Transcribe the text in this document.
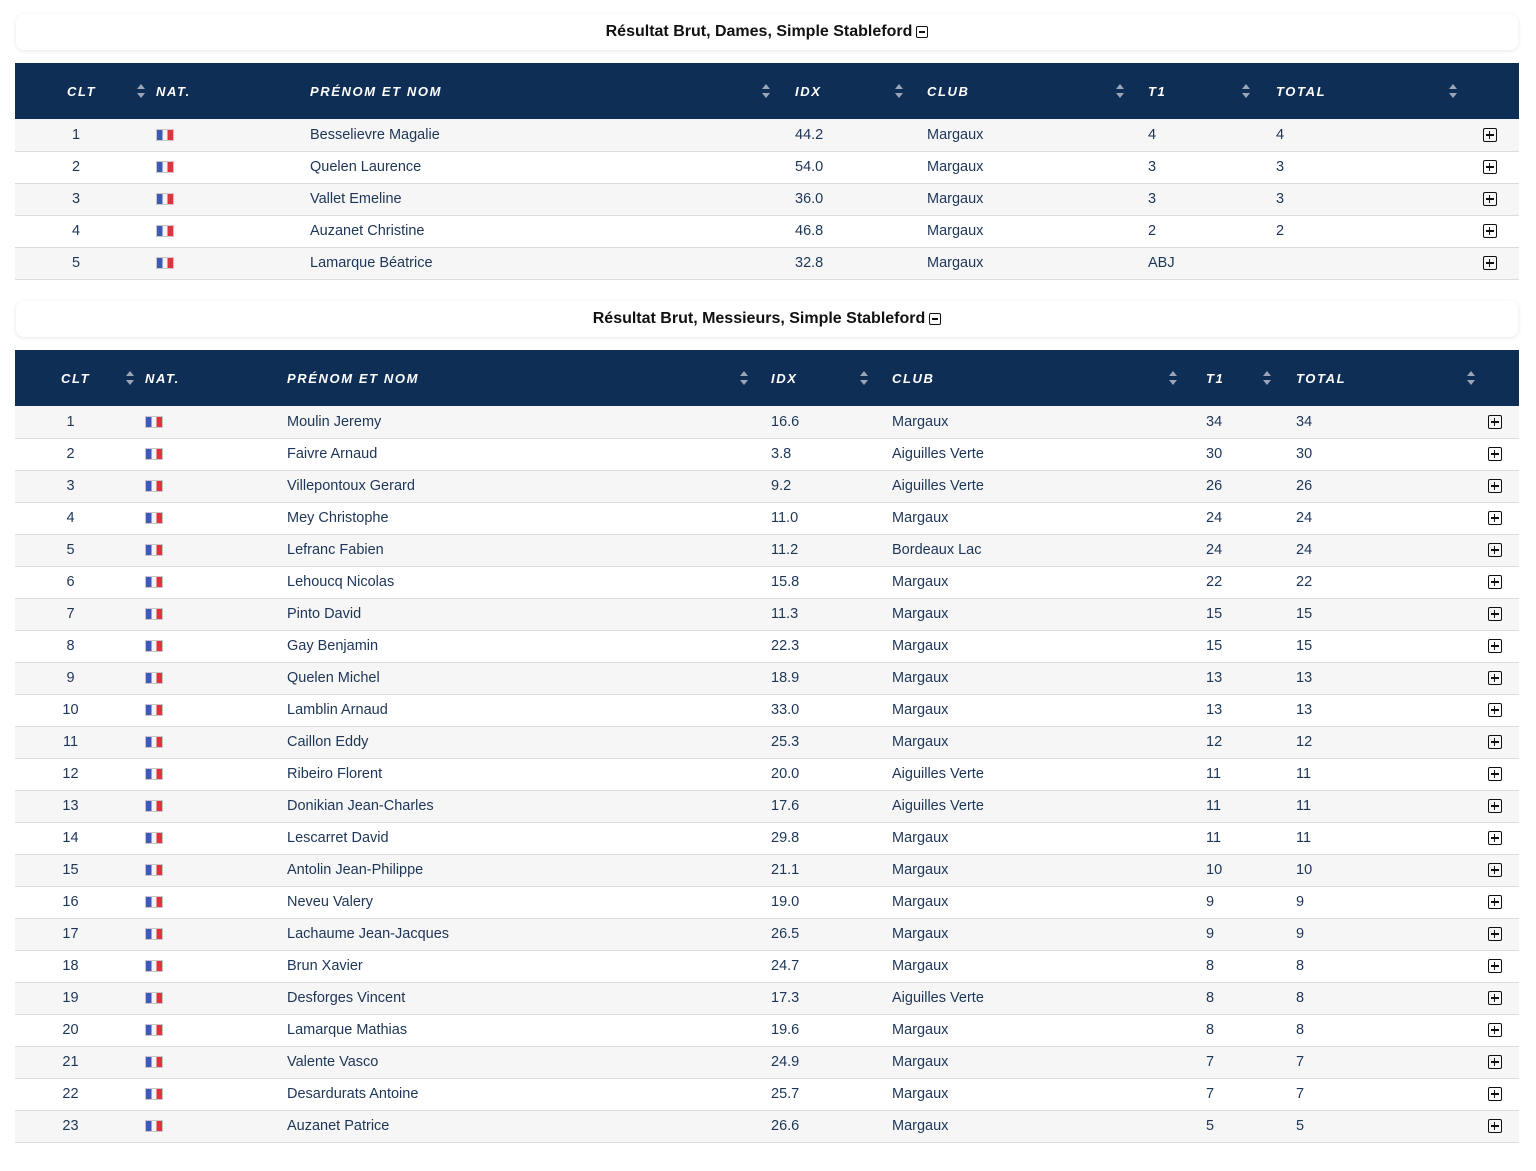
Résultat Brut, Dames, Simple Stableford
CLT	NAT.	PRÉNOM ET NOM	IDX	CLUB	T1	TOTAL

1		Besselievre Magalie	44.2	Margaux	4	4	
2		Quelen Laurence	54.0	Margaux	3	3	
3		Vallet Emeline	36.0	Margaux	3	3	
4		Auzanet Christine	46.8	Margaux	2	2	
5		Lamarque Béatrice	32.8	Margaux	ABJ		
Résultat Brut, Messieurs, Simple Stableford
CLT	NAT.	PRÉNOM ET NOM	IDX	CLUB	T1	TOTAL

1		Moulin Jeremy	16.6	Margaux	34	34	
2		Faivre Arnaud	3.8	Aiguilles Verte	30	30	
3		Villepontoux Gerard	9.2	Aiguilles Verte	26	26	
4		Mey Christophe	11.0	Margaux	24	24	
5		Lefranc Fabien	11.2	Bordeaux Lac	24	24	
6		Lehoucq Nicolas	15.8	Margaux	22	22	
7		Pinto David	11.3	Margaux	15	15	
8		Gay Benjamin	22.3	Margaux	15	15	
9		Quelen Michel	18.9	Margaux	13	13	
10		Lamblin Arnaud	33.0	Margaux	13	13	
11		Caillon Eddy	25.3	Margaux	12	12	
12		Ribeiro Florent	20.0	Aiguilles Verte	11	11	
13		Donikian Jean-Charles	17.6	Aiguilles Verte	11	11	
14		Lescarret David	29.8	Margaux	11	11	
15		Antolin Jean-Philippe	21.1	Margaux	10	10	
16		Neveu Valery	19.0	Margaux	9	9	
17		Lachaume Jean-Jacques	26.5	Margaux	9	9	
18		Brun Xavier	24.7	Margaux	8	8	
19		Desforges Vincent	17.3	Aiguilles Verte	8	8	
20		Lamarque Mathias	19.6	Margaux	8	8	
21		Valente Vasco	24.9	Margaux	7	7	
22		Desardurats Antoine	25.7	Margaux	7	7	
23		Auzanet Patrice	26.6	Margaux	5	5	
